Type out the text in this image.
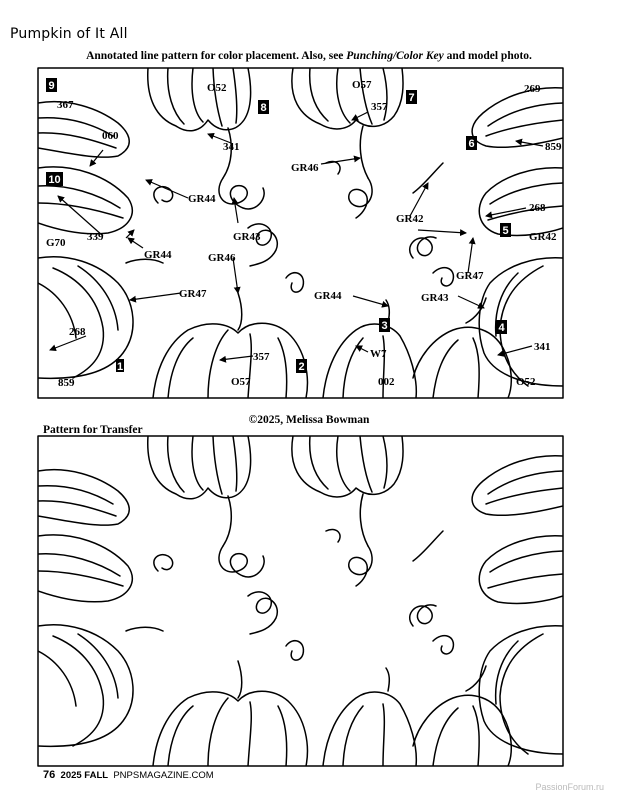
Pumpkin of It All
Annotated line pattern for color placement. Also, see Punching/Color Key and model photo.
1	2
3	4
5
6
7
8
9
10
367
O52	O57	269
060
341
357
859
GR46
GR44
GR42
268
G70 339	GR43	GR42
GR44	GR46
GR47
GR47	GR44	GR43
268
357	W7
341
859	O57	002	O52
©2025, Melissa Bowman
Pattern for Transfer
76 2025 FALL PNPSMAGAZINE.COM
PassionForum.ru
